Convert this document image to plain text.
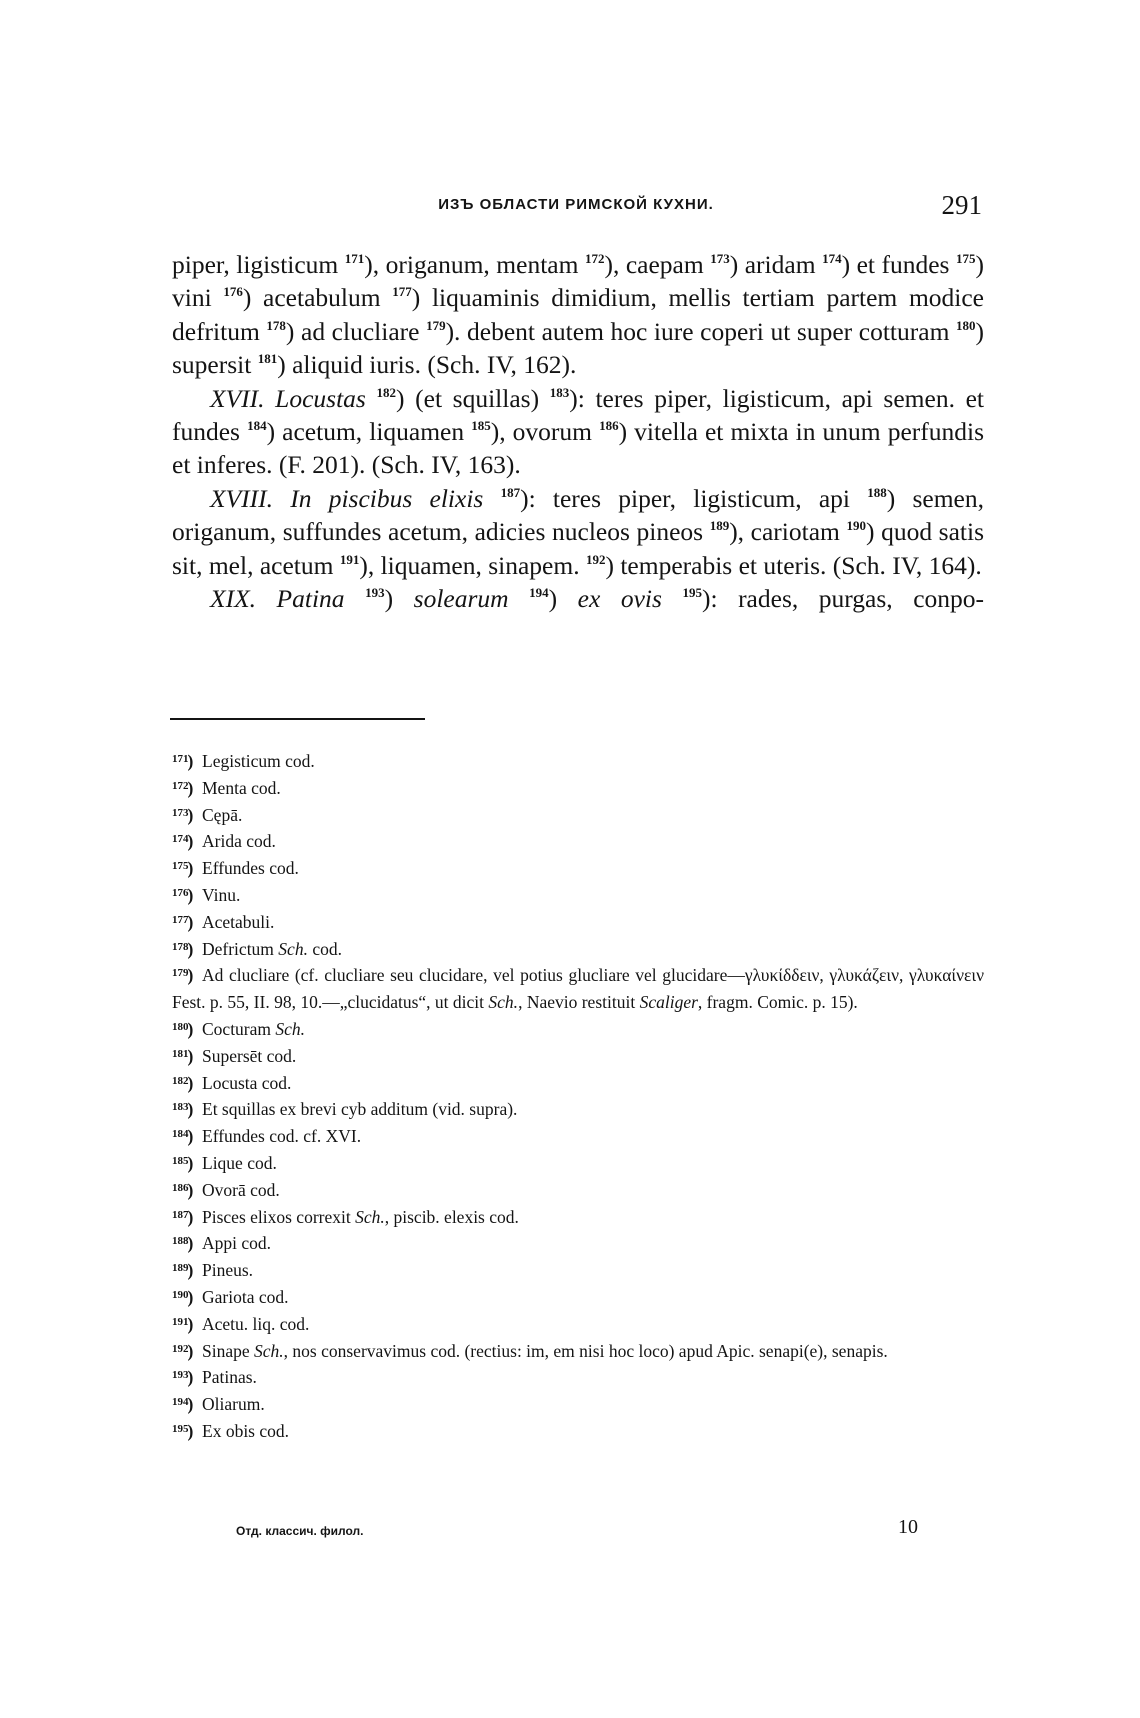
ИЗЪ ОБЛАСТИ РИМСКОЙ КУХНИ.	291

piper, ligisticum $^{171}$), origanum, mentam $^{172}$), caepam $^{173}$) aridam $^{174}$) et fundes $^{175}$) vini $^{176}$) acetabulum $^{177}$) liquaminis dimidium, mellis tertiam partem modice defritum $^{178}$) ad clucliare $^{179}$). debent autem hoc iure coperi ut super cotturam $^{180}$) supersit $^{181}$) aliquid iuris. (Sch. IV, 162).

XVII. Locustas $^{182}$) (et squillas) $^{183}$): teres piper, ligisticum, api semen. et fundes $^{184}$) acetum, liquamen $^{185}$), ovorum $^{186}$) vitella et mixta in unum perfundis et inferes. (F. 201). (Sch. IV, 163).

XVIII. In piscibus elixis $^{187}$): teres piper, ligisticum, api $^{188}$) semen, origanum, suffundes acetum, adicies nucleos pineos $^{189}$), cariotam $^{190}$) quod satis sit, mel, acetum $^{191}$), liquamen, sinapem. $^{192}$) temperabis et uteris. (Sch. IV, 164).

XIX. Patina $^{193}$) solearum $^{194}$) ex ovis $^{195}$): rades, purgas, conpo-

171) Legisticum cod.

172) Menta cod.

173) Cępā.

174) Arida cod.

175) Effundes cod.

176) Vinu.

177) Acetabuli.

178) Defrictum Sch. cod.

179) Ad clucliare (cf. clucliare seu clucidare, vel potius glucliare vel glucidare—γλυκίδδειν, γλυκάζειν, γλυκαίνειν Fest. p. 55, II. 98, 10.—„clucidatus“, ut dicit Sch., Naevio restituit Scaliger, fragm. Comic. p. 15).

180) Cocturam Sch.

181) Supersēt cod.

182) Locusta cod.

183) Et squillas ex brevi cyb additum (vid. supra).

184) Effundes cod. cf. XVI.

185) Lique cod.

186) Ovorā cod.

187) Pisces elixos correxit Sch., piscib. elexis cod.

188) Appi cod.

189) Pineus.

190) Gariota cod.

191) Acetu. liq. cod.

192) Sinape Sch., nos conservavimus cod. (rectius: im, em nisi hoc loco) apud Apic. senapi(e), senapis.

193) Patinas.

194) Oliarum.

195) Ex obis cod.

Отд. классич. филол.	10
